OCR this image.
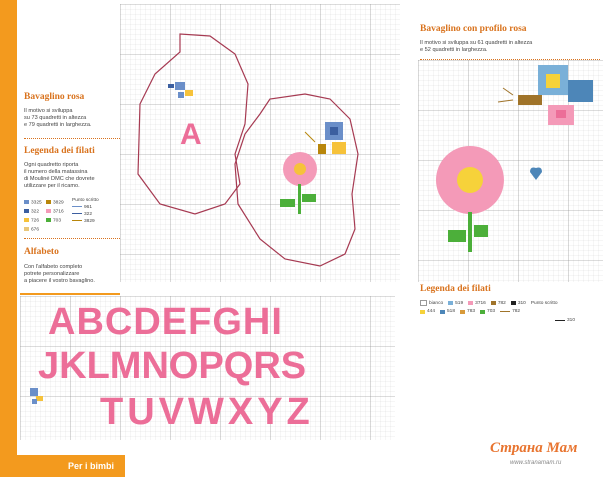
28
Per i bimbi
Bavaglino rosa
Il motivo si sviluppa
su 73 quadretti in altezza
e 79 quadretti in larghezza.
Legenda dei filati
Ogni quadretto riporta
il numero della matassina
di Mouliné DMC che dovrete
utilizzare per il ricamo.
3325	3829
322	3716
726	703
676
Punto scritto
961
322
3829
Alfabeto
Con l'alfabeto completo
potrete personalizzare
a piacere il vostro bavaglino.
Bavaglino con profilo rosa
Il motivo si sviluppa su 61 quadretti in altezza
e 52 quadretti in larghezza.
Legenda dei filati
bianco	519	3716	782	310 Punto scritto
444	518	783	703	782
310
A
ABCDEFGHI
JKLMNOPQRS
TUVWXYZ
Страна Мам
www.stranamam.ru
